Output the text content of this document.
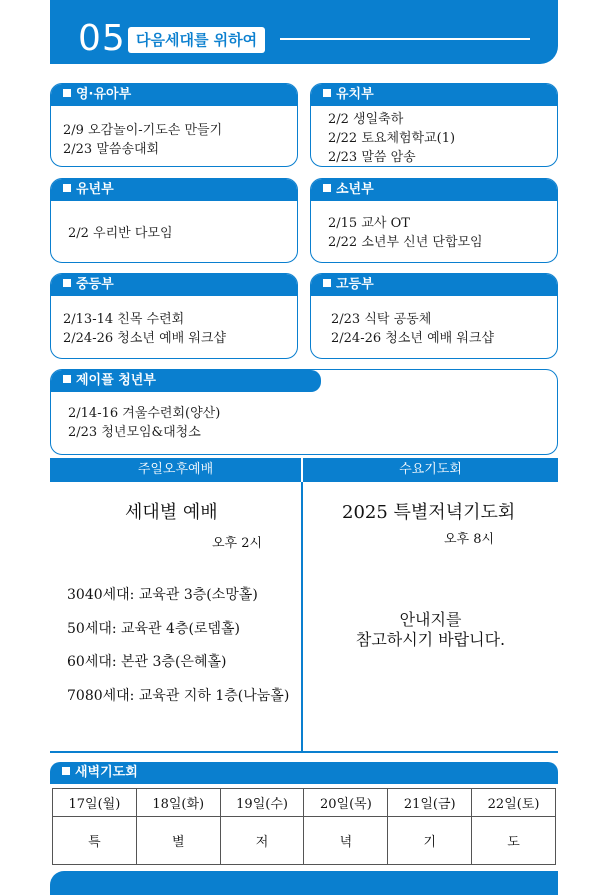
05 다음세대를 위하여
영·유아부
2/9 오감놀이-기도손 만들기
2/23 말씀송대회
유치부
2/2 생일축하
2/22 토요체험학교(1)
2/23 말씀 암송
유년부
2/2 우리반 다모임
소년부
2/15 교사 OT
2/22 소년부 신년 단합모임
중등부
2/13-14 친목 수련회
2/24-26 청소년 예배 워크샵
고등부
2/23 식탁 공동체
2/24-26 청소년 예배 워크샵
제이플 청년부
2/14-16 겨울수련회(양산)
2/23 청년모임&대청소
주일오후예배	수요기도회
세대별 예배
오후 2시
3040세대: 교육관 3층(소망홀)
50세대: 교육관 4층(로뎀홀)
60세대: 본관 3층(은혜홀)
7080세대: 교육관 지하 1층(나눔홀)
2025 특별저녁기도회
오후 8시
안내지를
참고하시기 바랍니다.
새벽기도회
17일(월)	18일(화)	19일(수)	20일(목)	21일(금)	22일(토)
특	별	저	녁	기	도
